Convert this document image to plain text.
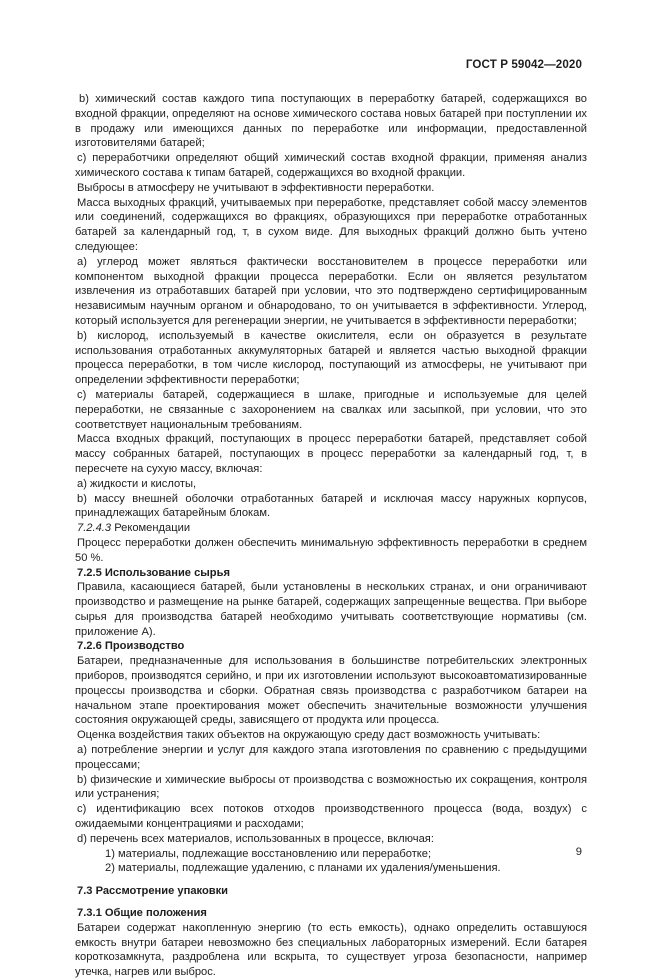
ГОСТ Р 59042—2020

b) химический состав каждого типа поступающих в переработку батарей, содержащихся во входной фракции, определяют на основе химического состава новых батарей при поступлении их в продажу или имеющихся данных по переработке или информации, предоставленной изготовителями батарей;

c) переработчики определяют общий химический состав входной фракции, применяя анализ химического состава к типам батарей, содержащихся во входной фракции.

Выбросы в атмосферу не учитывают в эффективности переработки.

Масса выходных фракций, учитываемых при переработке, представляет собой массу элементов или соединений, содержащихся во фракциях, образующихся при переработке отработанных батарей за календарный год, т, в сухом виде. Для выходных фракций должно быть учтено следующее:

a) углерод может являться фактически восстановителем в процессе переработки или компонентом выходной фракции процесса переработки. Если он является результатом извлечения из отработавших батарей при условии, что это подтверждено сертифицированным независимым научным органом и обнародовано, то он учитывается в эффективности. Углерод, который используется для регенерации энергии, не учитывается в эффективности переработки;

b) кислород, используемый в качестве окислителя, если он образуется в результате использования отработанных аккумуляторных батарей и является частью выходной фракции процесса переработки, в том числе кислород, поступающий из атмосферы, не учитывают при определении эффективности переработки;

c) материалы батарей, содержащиеся в шлаке, пригодные и используемые для целей переработки, не связанные с захоронением на свалках или засыпкой, при условии, что это соответствует национальным требованиям.

Масса входных фракций, поступающих в процесс переработки батарей, представляет собой массу собранных батарей, поступающих в процесс переработки за календарный год, т, в пересчете на сухую массу, включая:

a) жидкости и кислоты,

b) массу внешней оболочки отработанных батарей и исключая массу наружных корпусов, принадлежащих батарейным блокам.

7.2.4.3 Рекомендации

Процесс переработки должен обеспечить минимальную эффективность переработки в среднем 50 %.

7.2.5 Использование сырья

Правила, касающиеся батарей, были установлены в нескольких странах, и они ограничивают производство и размещение на рынке батарей, содержащих запрещенные вещества. При выборе сырья для производства батарей необходимо учитывать соответствующие нормативы (см. приложение А).

7.2.6 Производство

Батареи, предназначенные для использования в большинстве потребительских электронных приборов, производятся серийно, и при их изготовлении используют высокоавтоматизированные процессы производства и сборки. Обратная связь производства с разработчиком батареи на начальном этапе проектирования может обеспечить значительные возможности улучшения состояния окружающей среды, зависящего от продукта или процесса.

Оценка воздействия таких объектов на окружающую среду даст возможность учитывать:

a) потребление энергии и услуг для каждого этапа изготовления по сравнению с предыдущими процессами;

b) физические и химические выбросы от производства с возможностью их сокращения, контроля или устранения;

c) идентификацию всех потоков отходов производственного процесса (вода, воздух) с ожидаемыми концентрациями и расходами;

d) перечень всех материалов, использованных в процессе, включая:

1) материалы, подлежащие восстановлению или переработке;

2) материалы, подлежащие удалению, с планами их удаления/уменьшения.

7.3 Рассмотрение упаковки

7.3.1 Общие положения

Батареи содержат накопленную энергию (то есть емкость), однако определить оставшуюся емкость внутри батареи невозможно без специальных лабораторных измерений. Если батарея короткозамкнута, раздроблена или вскрыта, то существует угроза безопасности, например утечка, нагрев или выброс.

9
